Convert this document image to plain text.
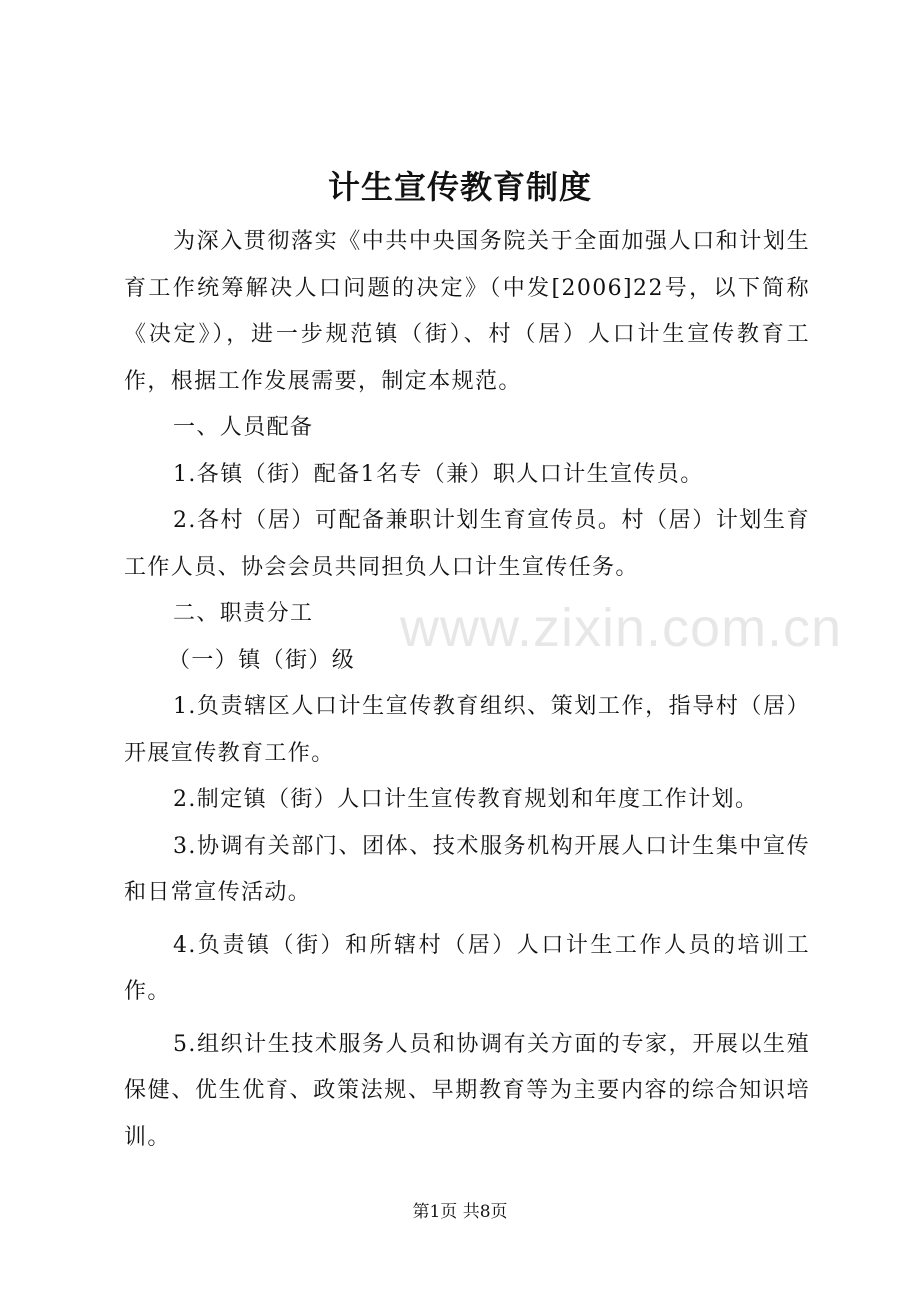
计生宣传教育制度

为深入贯彻落实《中共中央国务院关于全面加强人口和计划生育工作统筹解决人口问题的决定》（中发[2006]22号，以下简称《决定》），进一步规范镇（街）、村（居）人口计生宣传教育工作，根据工作发展需要，制定本规范。

一、人员配备

1.各镇（街）配备1名专（兼）职人口计生宣传员。

2.各村（居）可配备兼职计划生育宣传员。村（居）计划生育工作人员、协会会员共同担负人口计生宣传任务。

二、职责分工

（一）镇（街）级

1.负责辖区人口计生宣传教育组织、策划工作，指导村（居）开展宣传教育工作。

2.制定镇（街）人口计生宣传教育规划和年度工作计划。

3.协调有关部门、团体、技术服务机构开展人口计生集中宣传和日常宣传活动。

4.负责镇（街）和所辖村（居）人口计生工作人员的培训工作。

5.组织计生技术服务人员和协调有关方面的专家，开展以生殖保健、优生优育、政策法规、早期教育等为主要内容的综合知识培训。

www.zixin.com.cn
第1页 共8页
